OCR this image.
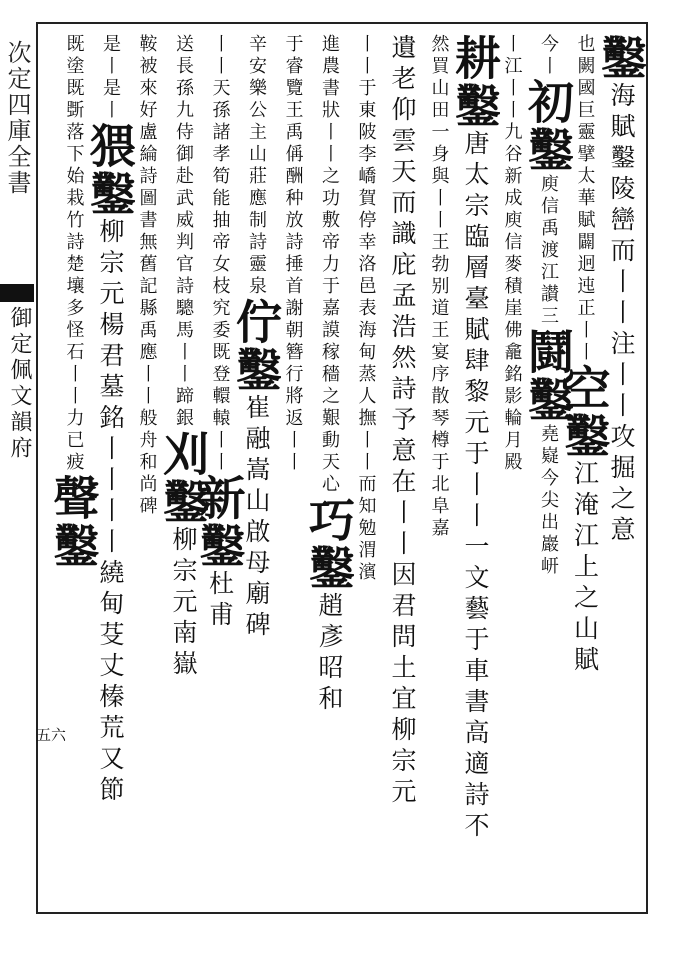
次定四庫全書
御定佩文韻府
五六
鑿海賦鑿陵巒而丨丨注丨丨攻掘之意
也闕國巨靈擘太華賦闢迥迍正丨丨空鑿江淹江上之山賦
今丨初鑿庾信禹渡江讃三鬪鑿堯嶷今尖出巖岍
丨江丨丨九谷新成庾信麥積崖佛龕銘影輪月殿
耕鑿唐太宗臨層臺賦肆黎元于丨丨一文藝于車書高適詩不
然買山田一身與丨丨王勃别道王宴序散琴樽于北阜嘉
遺老仰雲天而識庇孟浩然詩予意在丨丨因君問土宜柳宗元
丨丨于東陂李嶠賀停幸洛邑表海甸蒸人撫丨丨而知勉渭濱
進農書狀丨丨之功敷帝力于嘉謨稼穡之艱動天心巧鑿趙彥昭和
于睿覽王禹偁酬种放詩捶首謝朝簪行將返丨丨
辛安樂公主山莊應制詩靈泉佇鑿崔融嵩山啟母廟碑
丨丨天孫諸孝筍能抽帝女枝究委既登轘轅丨丨新鑿杜甫
送長孫九侍御赴武威判官詩驄馬丨丨蹄銀刈鑿柳宗元南嶽
鞍被來好盧綸詩圖書無舊記縣禹應丨丨般舟和尚碑
是丨是丨猥鑿柳宗元楊君墓銘丨丨丨丨繞甸芟丈榛荒又節
既塗既斲落下始栽竹詩楚壤多怪石丨丨力已疲聲鑿
